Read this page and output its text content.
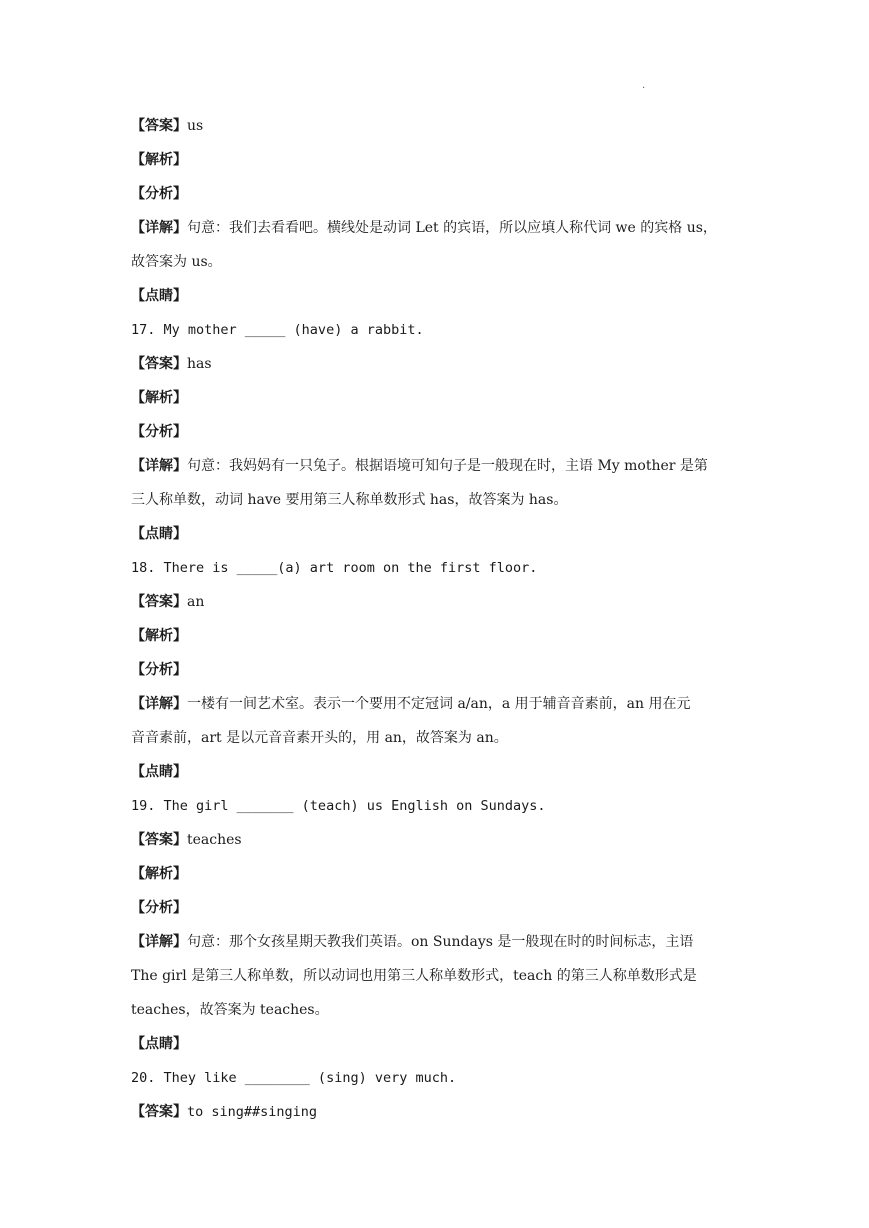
.
【答案】us
【解析】
【分析】
【详解】句意：我们去看看吧。横线处是动词 Let 的宾语，所以应填人称代词 we 的宾格 us，
故答案为 us。
【点睛】
17. My mother _____ (have) a rabbit.
【答案】has
【解析】
【分析】
【详解】句意：我妈妈有一只兔子。根据语境可知句子是一般现在时，主语 My mother 是第
三人称单数，动词 have 要用第三人称单数形式 has，故答案为 has。
【点睛】
18. There is _____(a) art room on the first floor.
【答案】an
【解析】
【分析】
【详解】一楼有一间艺术室。表示一个要用不定冠词 a/an，a 用于辅音音素前，an 用在元
音音素前，art 是以元音音素开头的，用 an，故答案为 an。
【点睛】
19. The girl _______ (teach) us English on Sundays.
【答案】teaches
【解析】
【分析】
【详解】句意：那个女孩星期天教我们英语。on Sundays 是一般现在时的时间标志，主语
The girl 是第三人称单数，所以动词也用第三人称单数形式，teach 的第三人称单数形式是
teaches，故答案为 teaches。
【点睛】
20. They like ________ (sing) very much.
【答案】to sing##singing
